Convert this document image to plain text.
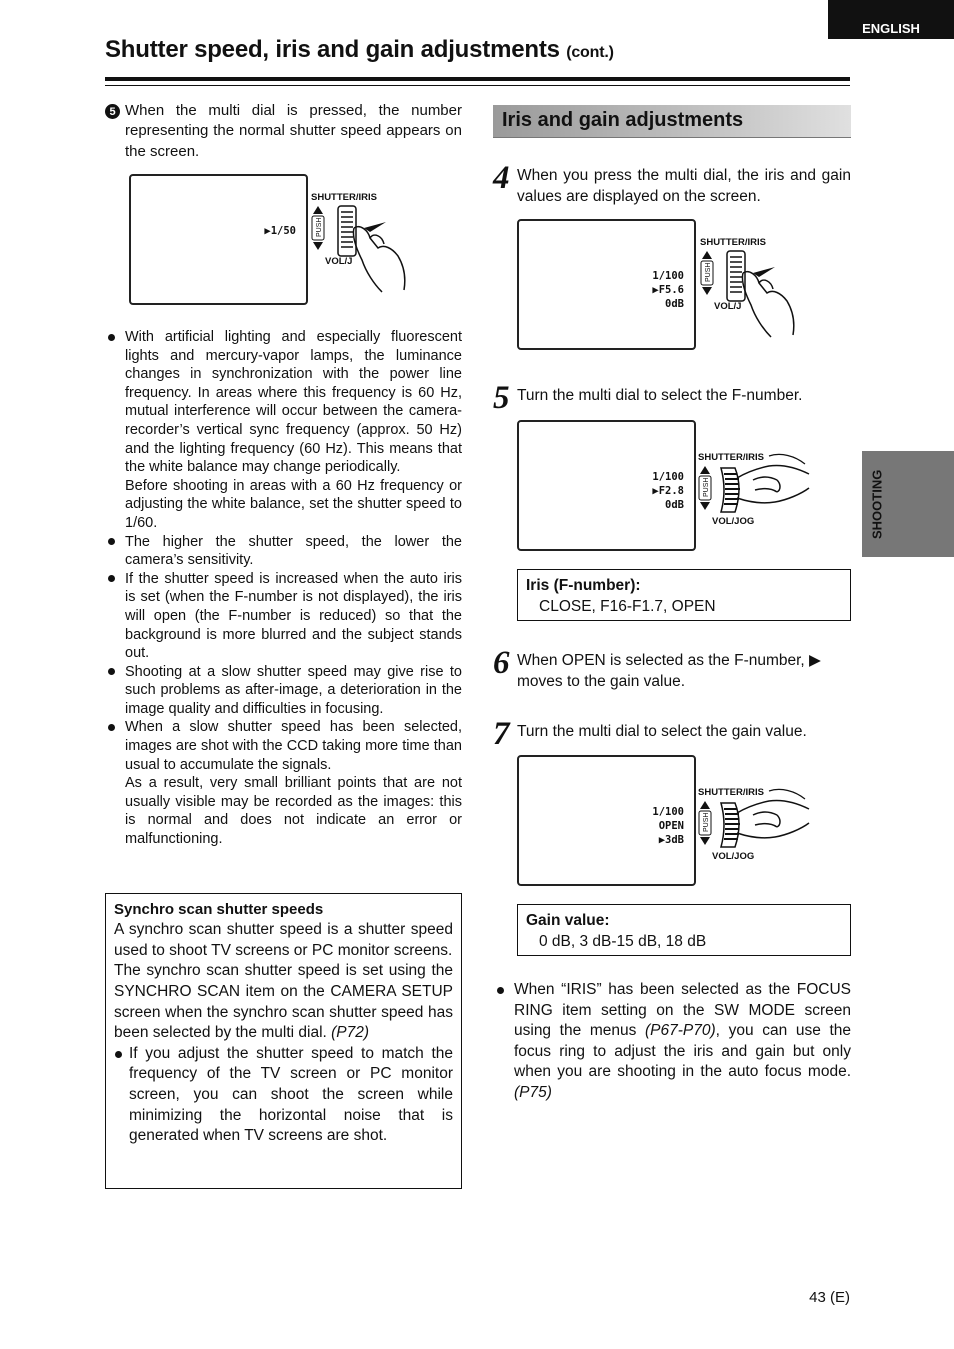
ENGLISH
SHOOTING
Shutter speed, iris and gain adjustments (cont.)
5 When the multi dial is pressed, the number representing the normal shutter speed appears on the screen.
▶1/50
SHUTTER/IRIS
VOL/J
PUSH

With artificial lighting and especially fluorescent lights and mercury-vapor lamps, the luminance changes in synchronization with the power line frequency. In areas where this frequency is 60 Hz, mutual interference will occur between the camera-recorder’s vertical sync frequency (approx. 50 Hz) and the lighting frequency (60 Hz). This means that the white balance may change periodically.

Before shooting in areas with a 60 Hz frequency or adjusting the white balance, set the shutter speed to 1/60.

The higher the shutter speed, the lower the camera’s sensitivity.

If the shutter speed is increased when the auto iris is set (when the F-number is not displayed), the iris will open (the F-number is reduced) so that the background is more blurred and the subject stands out.

Shooting at a slow shutter speed may give rise to such problems as after-image, a deterioration in the image quality and difficulties in focusing.

When a slow shutter speed has been selected, images are shot with the CCD taking more time than usual to accumulate the signals.

As a result, very small brilliant points that are not usually visible may be recorded as the images: this is normal and does not indicate an error or malfunctioning.

Synchro scan shutter speeds

A synchro scan shutter speed is a shutter speed used to shoot TV screens or PC monitor screens.

The synchro scan shutter speed is set using the SYNCHRO SCAN item on the CAMERA SETUP screen when the synchro scan shutter speed has been selected by the multi dial. (P72)

If you adjust the shutter speed to match the frequency of the TV screen or PC monitor screen, you can shoot the screen while minimizing the horizontal noise that is generated when TV screens are shot.

Iris and gain adjustments
4 When you press the multi dial, the iris and gain values are displayed on the screen.
1/100
▶F5.6
0dB
SHUTTER/IRIS
VOL/J
PUSH
5 Turn the multi dial to select the F-number.
1/100
▶F2.8
0dB
SHUTTER/IRIS
VOL/JOG
PUSH
Iris (F-number):
CLOSE, F16-F1.7, OPEN
6 When OPEN is selected as the F-number, ▶ moves to the gain value.
7 Turn the multi dial to select the gain value.
1/100
OPEN
▶3dB
SHUTTER/IRIS
VOL/JOG
PUSH
Gain value:
0 dB, 3 dB-15 dB, 18 dB

When “IRIS” has been selected as the FOCUS RING item setting on the SW MODE screen using the menus (P67-P70), you can use the focus ring to adjust the iris and gain but only when you are shooting in the auto focus mode. (P75)

43 (E)
